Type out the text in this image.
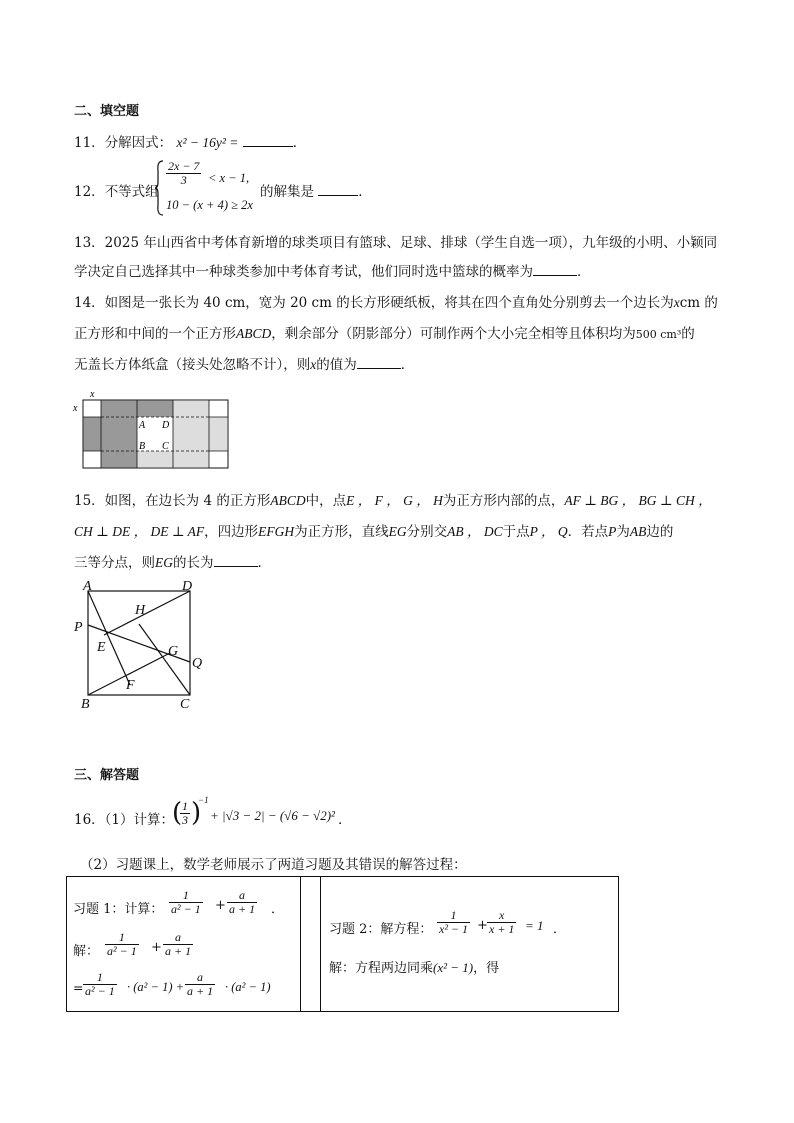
二、填空题
11．分解因式： x² − 16y² =	．
12．不等式组
$\frac{2x - 7}{3} < x - 1$,
10 − (x + 4) ≥ 2x
的解集是	．
13．2025 年山西省中考体育新增的球类项目有篮球、足球、排球（学生自选一项），九年级的小明、小颖同
学决定自己选择其中一种球类参加中考体育考试，他们同时选中篮球的概率为	．
14．如图是一张长为 40 cm，宽为 20 cm 的长方形硬纸板，将其在四个直角处分别剪去一个边长为xcm 的
正方形和中间的一个正方形ABCD，剩余部分（阴影部分）可制作两个大小完全相等且体积均为500 cm³的
无盖长方体纸盒（接头处忽略不计），则x的值为	．
x
x
A D
B C
15．如图，在边长为 4 的正方形ABCD中，点E ， F ， G ， H为正方形内部的点，AF ⊥ BG ， BG ⊥ CH ，
CH ⊥ DE ， DE ⊥ AF，四边形EFGH为正方形，直线EG分别交AB ， DC于点P ， Q．若点P为AB边的
三等分点，则EG的长为	．
A	D
B	C
P
Q
E
F
G
H
三、解答题
16．（1）计算：
(
$\frac{1}{3}$ )
−1
+ |√3 − 2| − (√6 − √2)² ．
（2）习题课上，数学老师展示了两道习题及其错误的解答过程：
习题 1：计算： $\frac{1}{\text{a² − 1}} + \frac{a}{a + 1}$ ．
解： $\frac{1}{\text{a² − 1}} + \frac{a}{a + 1}$
= $\frac{1}{\text{a² − 1}} \cdot (a^2 - 1) + \frac{a}{a + 1} \cdot (a^2 - 1)$
习题 2：解方程： $\frac{1}{\text{x² − 1}} + \frac{x}{x + 1} = 1$ ．
解：方程两边同乘(x² − 1)，得
